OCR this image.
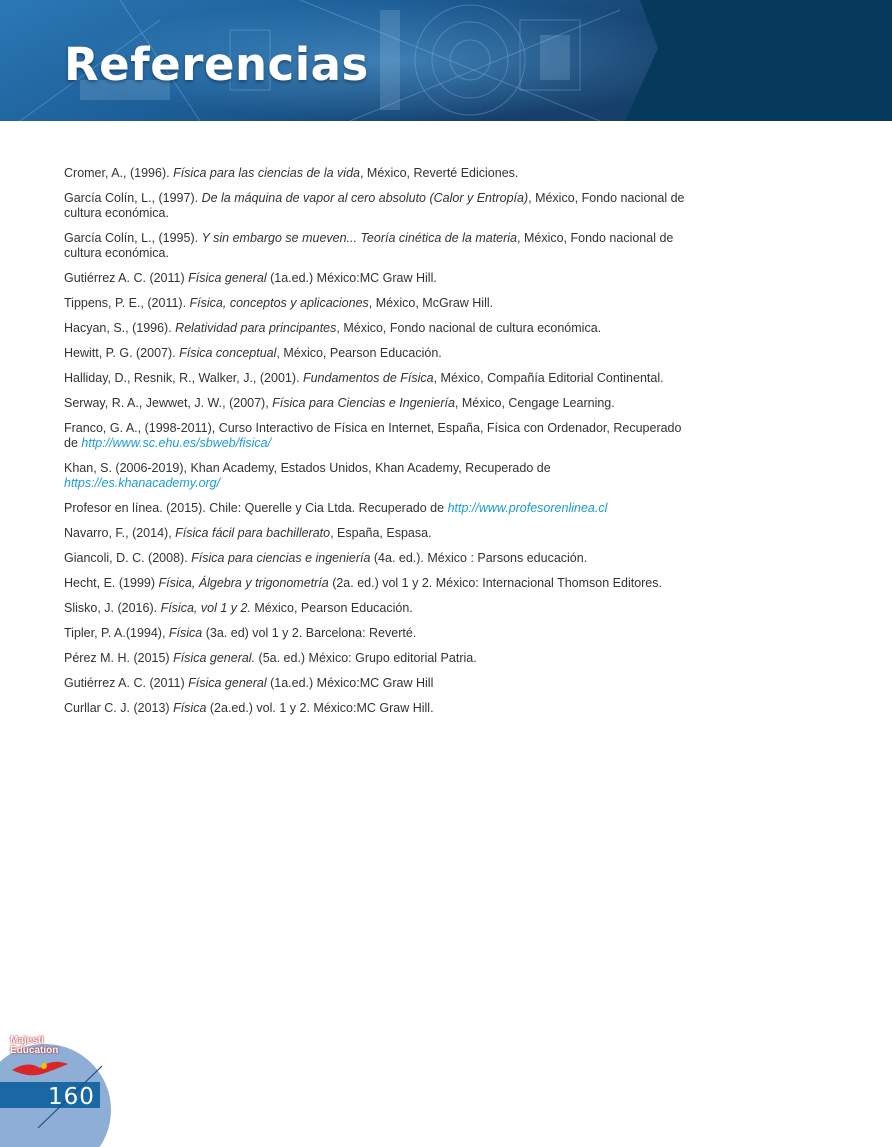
Referencias

Cromer, A., (1996). Física para las ciencias de la vida, México, Reverté Ediciones.

García Colín, L., (1997). De la máquina de vapor al cero absoluto (Calor y Entropía), México, Fondo nacional de cultura económica.

García Colín, L., (1995). Y sin embargo se mueven... Teoría cinética de la materia, México, Fondo nacional de cultura económica.

Gutiérrez A. C. (2011) Física general (1a.ed.) México:MC Graw Hill.

Tippens, P. E., (2011). Física, conceptos y aplicaciones, México, McGraw Hill.

Hacyan, S., (1996). Relatividad para principantes, México, Fondo nacional de cultura económica.

Hewitt, P. G. (2007). Física conceptual, México, Pearson Educación.

Halliday, D., Resnik, R., Walker, J., (2001). Fundamentos de Física, México, Compañía Editorial Continental.

Serway, R. A., Jewwet, J. W., (2007), Física para Ciencias e Ingeniería, México, Cengage Learning.

Franco, G. A., (1998-2011), Curso Interactivo de Física en Internet, España, Física con Ordenador, Recuperado de http://www.sc.ehu.es/sbweb/fisica/

Khan, S. (2006-2019), Khan Academy, Estados Unidos, Khan Academy, Recuperado de https://es.khanacademy.org/

Profesor en línea. (2015). Chile: Querelle y Cia Ltda. Recuperado de http://www.profesorenlinea.cl

Navarro, F., (2014), Física fácil para bachillerato, España, Espasa.

Giancoli, D. C. (2008). Física para ciencias e ingeniería (4a. ed.). México : Parsons educación.

Hecht, E. (1999) Física, Álgebra y trigonometría (2a. ed.) vol 1 y 2. México: Internacional Thomson Editores.

Slisko, J. (2016). Física, vol 1 y 2. México, Pearson Educación.

Tipler, P. A.(1994), Física (3a. ed) vol 1 y 2. Barcelona: Reverté.

Pérez M. H. (2015) Física general. (5a. ed.) México: Grupo editorial Patria.

Gutiérrez A. C. (2011) Física general (1a.ed.) México:MC Graw Hill

Curllar C. J. (2013) Física (2a.ed.) vol. 1 y 2. México:MC Graw Hill.

Majesti
Education
160
